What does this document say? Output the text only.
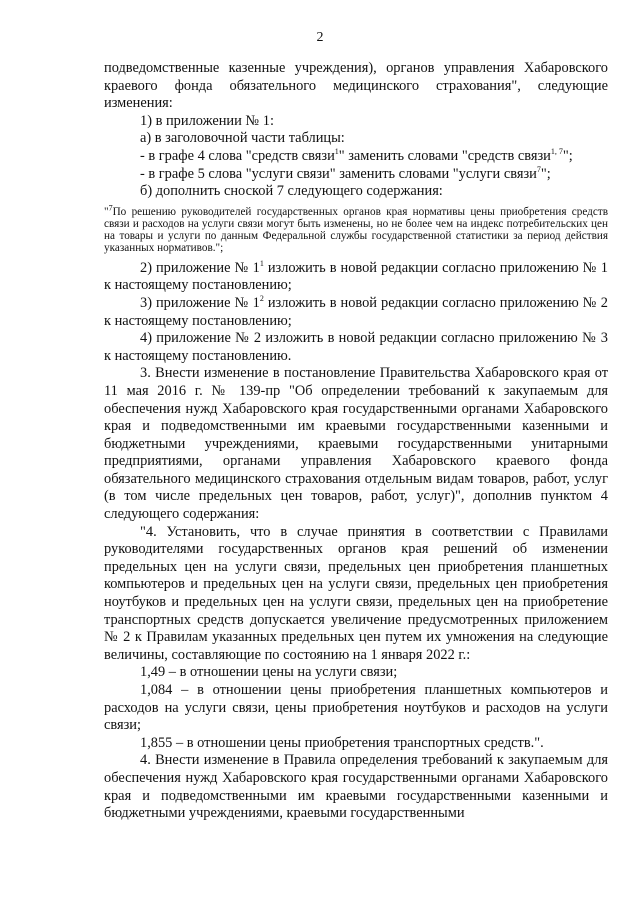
2

подведомственные казенные учреждения), органов управления Хабаровского краевого фонда обязательного медицинского страхования", следующие изменения:

1) в приложении № 1:

а) в заголовочной части таблицы:

- в графе 4 слова "средств связи$^1$" заменить словами "средств связи$^{1, 7}$";

- в графе 5 слова "услуги связи" заменить словами "услуги связи$^7$";

б) дополнить сноской 7 следующего содержания:

"$^7$По решению руководителей государственных органов края нормативы цены приобретения средств связи и расходов на услуги связи могут быть изменены, но не более чем на индекс потребительских цен на товары и услуги по данным Федеральной службы государственной статистики за период действия указанных нормативов.";

2) приложение № $1^1$ изложить в новой редакции согласно приложению № 1 к настоящему постановлению;

3) приложение № $1^2$ изложить в новой редакции согласно приложению № 2 к настоящему постановлению;

4) приложение № 2 изложить в новой редакции согласно приложению № 3 к настоящему постановлению.

3. Внести изменение в постановление Правительства Хабаровского края от 11 мая 2016 г. № 139-пр "Об определении требований к закупаемым для обеспечения нужд Хабаровского края государственными органами Хабаровского края и подведомственными им краевыми государственными казенными и бюджетными учреждениями, краевыми государственными унитарными предприятиями, органами управления Хабаровского краевого фонда обязательного медицинского страхования отдельным видам товаров, работ, услуг (в том числе предельных цен товаров, работ, услуг)", дополнив пунктом 4 следующего содержания:

"4. Установить, что в случае принятия в соответствии с Правилами руководителями государственных органов края решений об изменении предельных цен на услуги связи, предельных цен приобретения планшетных компьютеров и предельных цен на услуги связи, предельных цен приобретения ноутбуков и предельных цен на услуги связи, предельных цен на приобретение транспортных средств допускается увеличение предусмотренных приложением № 2 к Правилам указанных предельных цен путем их умножения на следующие величины, составляющие по состоянию на 1 января 2022 г.:

1,49 – в отношении цены на услуги связи;

1,084 – в отношении цены приобретения планшетных компьютеров и расходов на услуги связи, цены приобретения ноутбуков и расходов на услуги связи;

1,855 – в отношении цены приобретения транспортных средств.".

4. Внести изменение в Правила определения требований к закупаемым для обеспечения нужд Хабаровского края государственными органами Хабаровского края и подведомственными им краевыми государственными казенными и бюджетными учреждениями, краевыми государственными
